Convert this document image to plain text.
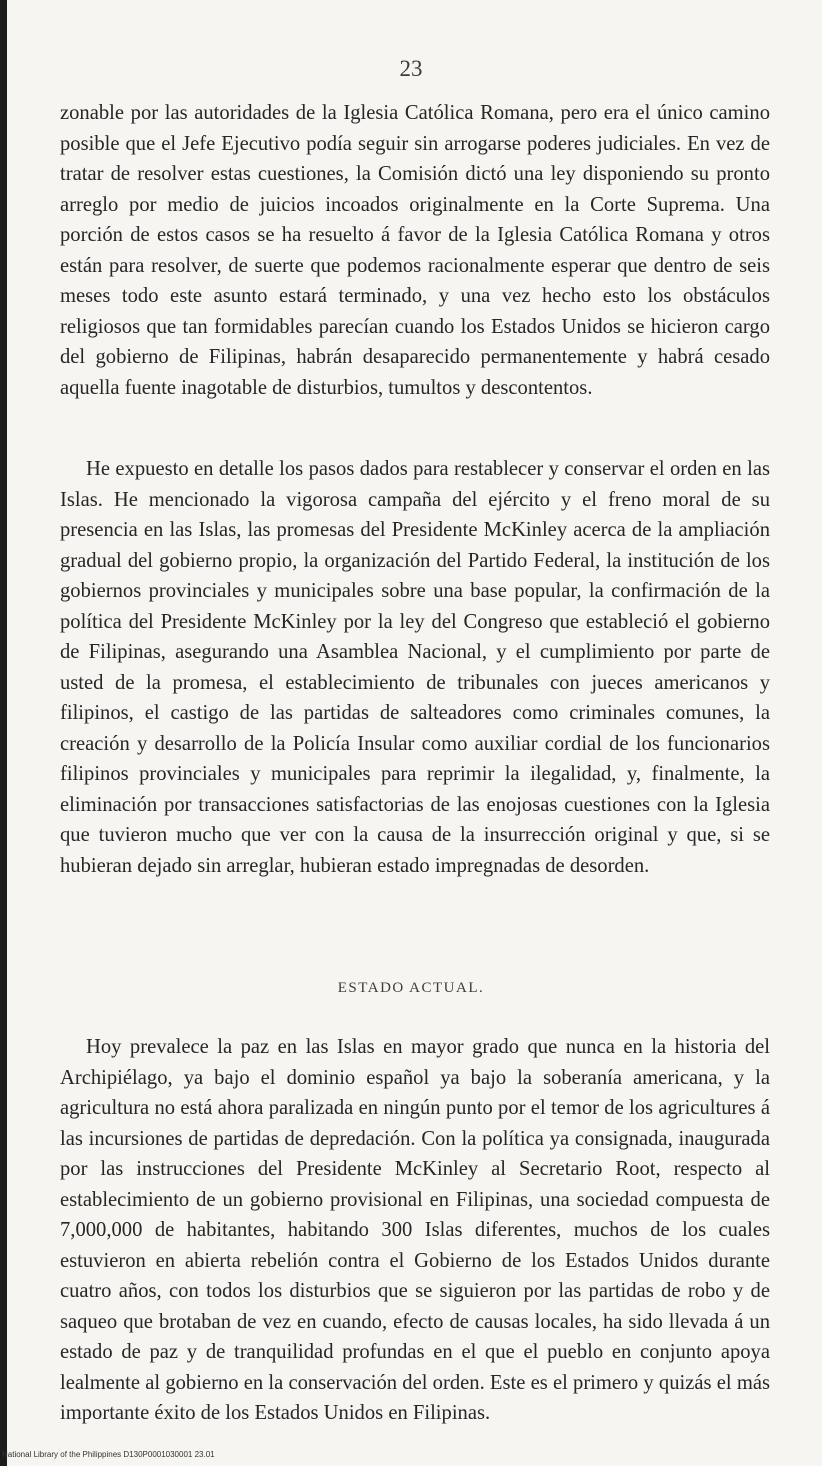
23

zonable por las autoridades de la Iglesia Católica Romana, pero era el único camino posible que el Jefe Ejecutivo podía seguir sin arrogarse poderes judiciales. En vez de tratar de resolver estas cuestiones, la Comisión dictó una ley disponiendo su pronto arreglo por medio de juicios incoados originalmente en la Corte Suprema. Una porción de estos casos se ha resuelto á favor de la Iglesia Católica Romana y otros están para resolver, de suerte que podemos racionalmente esperar que dentro de seis meses todo este asunto estará terminado, y una vez hecho esto los obstáculos religiosos que tan formidables parecían cuando los Estados Unidos se hicieron cargo del gobierno de Filipinas, habrán desaparecido permanentemente y habrá cesado aquella fuente inagotable de disturbios, tumultos y descontentos.

He expuesto en detalle los pasos dados para restablecer y conservar el orden en las Islas. He mencionado la vigorosa campaña del ejército y el freno moral de su presencia en las Islas, las promesas del Presidente McKinley acerca de la ampliación gradual del gobierno propio, la organización del Partido Federal, la institución de los gobiernos provinciales y municipales sobre una base popular, la confirmación de la política del Presidente McKinley por la ley del Congreso que estableció el gobierno de Filipinas, asegurando una Asamblea Nacional, y el cumplimiento por parte de usted de la promesa, el establecimiento de tribunales con jueces americanos y filipinos, el castigo de las partidas de salteadores como criminales comunes, la creación y desarrollo de la Policía Insular como auxiliar cordial de los funcionarios filipinos provinciales y municipales para reprimir la ilegalidad, y, finalmente, la eliminación por transacciones satisfactorias de las enojosas cuestiones con la Iglesia que tuvieron mucho que ver con la causa de la insurrección original y que, si se hubieran dejado sin arreglar, hubieran estado impregnadas de desorden.

ESTADO ACTUAL.

Hoy prevalece la paz en las Islas en mayor grado que nunca en la historia del Archipiélago, ya bajo el dominio español ya bajo la soberanía americana, y la agricultura no está ahora paralizada en ningún punto por el temor de los agricultures á las incursiones de partidas de depredación. Con la política ya consignada, inaugurada por las instrucciones del Presidente McKinley al Secretario Root, respecto al establecimiento de un gobierno provisional en Filipinas, una sociedad compuesta de 7,000,000 de habitantes, habitando 300 Islas diferentes, muchos de los cuales estuvieron en abierta rebelión contra el Gobierno de los Estados Unidos durante cuatro años, con todos los disturbios que se siguieron por las partidas de robo y de saqueo que brotaban de vez en cuando, efecto de causas locales, ha sido llevada á un estado de paz y de tranquilidad profundas en el que el pueblo en conjunto apoya lealmente al gobierno en la conservación del orden. Este es el primero y quizás el más importante éxito de los Estados Unidos en Filipinas.

National Library of the Philippines D130P0001030001 23.01
